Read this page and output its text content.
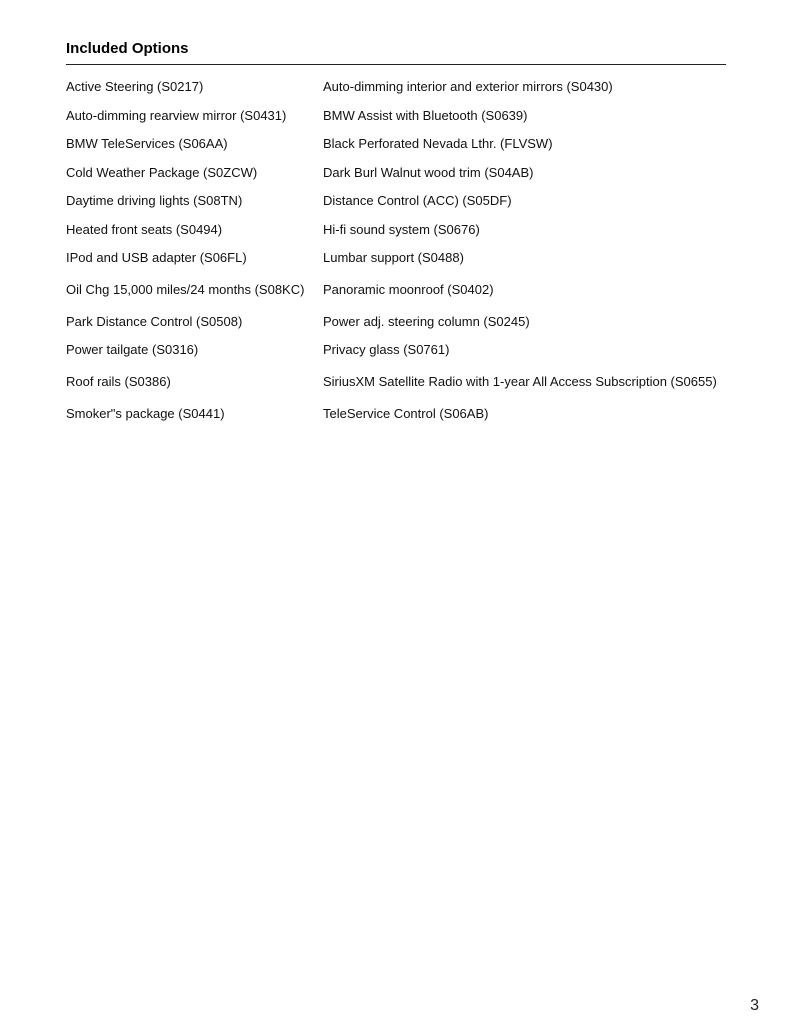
Included Options
Active Steering (S0217)	Auto-dimming interior and exterior mirrors (S0430)
Auto-dimming rearview mirror (S0431)	BMW Assist with Bluetooth (S0639)
BMW TeleServices (S06AA)	Black Perforated Nevada Lthr. (FLVSW)
Cold Weather Package (S0ZCW)	Dark Burl Walnut wood trim (S04AB)
Daytime driving lights (S08TN)	Distance Control (ACC) (S05DF)
Heated front seats (S0494)	Hi-fi sound system (S0676)
IPod and USB adapter (S06FL)	Lumbar support (S0488)
Oil Chg 15,000 miles/24 months (S08KC)	Panoramic moonroof (S0402)
Park Distance Control (S0508)	Power adj. steering column (S0245)
Power tailgate (S0316)	Privacy glass (S0761)
Roof rails (S0386)	SiriusXM Satellite Radio with 1-year All Access Subscription (S0655)
Smoker"s package (S0441)	TeleService Control (S06AB)
3
